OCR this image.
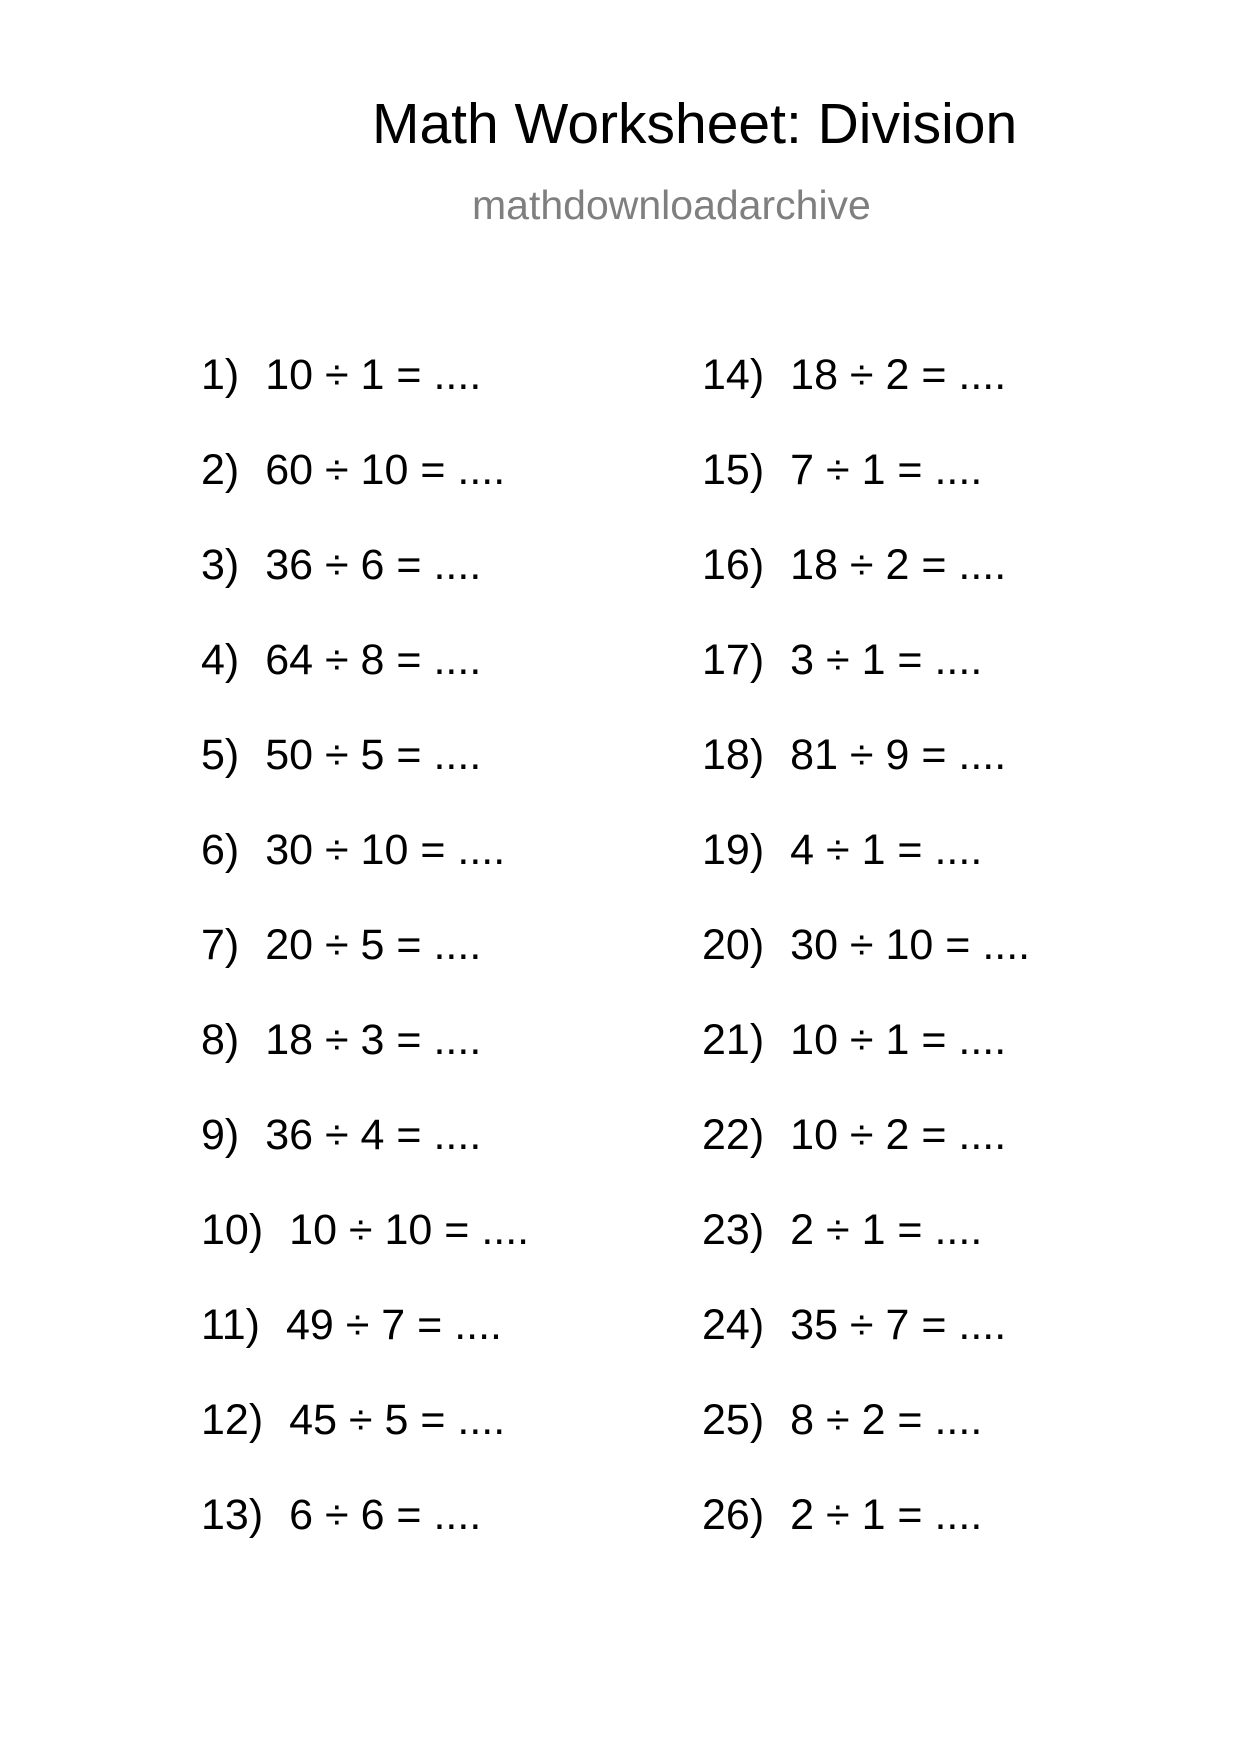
Math Worksheet: Division
mathdownloadarchive
1) 10 ÷ 1 = ....
2) 60 ÷ 10 = ....
3) 36 ÷ 6 = ....
4) 64 ÷ 8 = ....
5) 50 ÷ 5 = ....
6) 30 ÷ 10 = ....
7) 20 ÷ 5 = ....
8) 18 ÷ 3 = ....
9) 36 ÷ 4 = ....
10) 10 ÷ 10 = ....
11) 49 ÷ 7 = ....
12) 45 ÷ 5 = ....
13) 6 ÷ 6 = ....
14) 18 ÷ 2 = ....
15) 7 ÷ 1 = ....
16) 18 ÷ 2 = ....
17) 3 ÷ 1 = ....
18) 81 ÷ 9 = ....
19) 4 ÷ 1 = ....
20) 30 ÷ 10 = ....
21) 10 ÷ 1 = ....
22) 10 ÷ 2 = ....
23) 2 ÷ 1 = ....
24) 35 ÷ 7 = ....
25) 8 ÷ 2 = ....
26) 2 ÷ 1 = ....
